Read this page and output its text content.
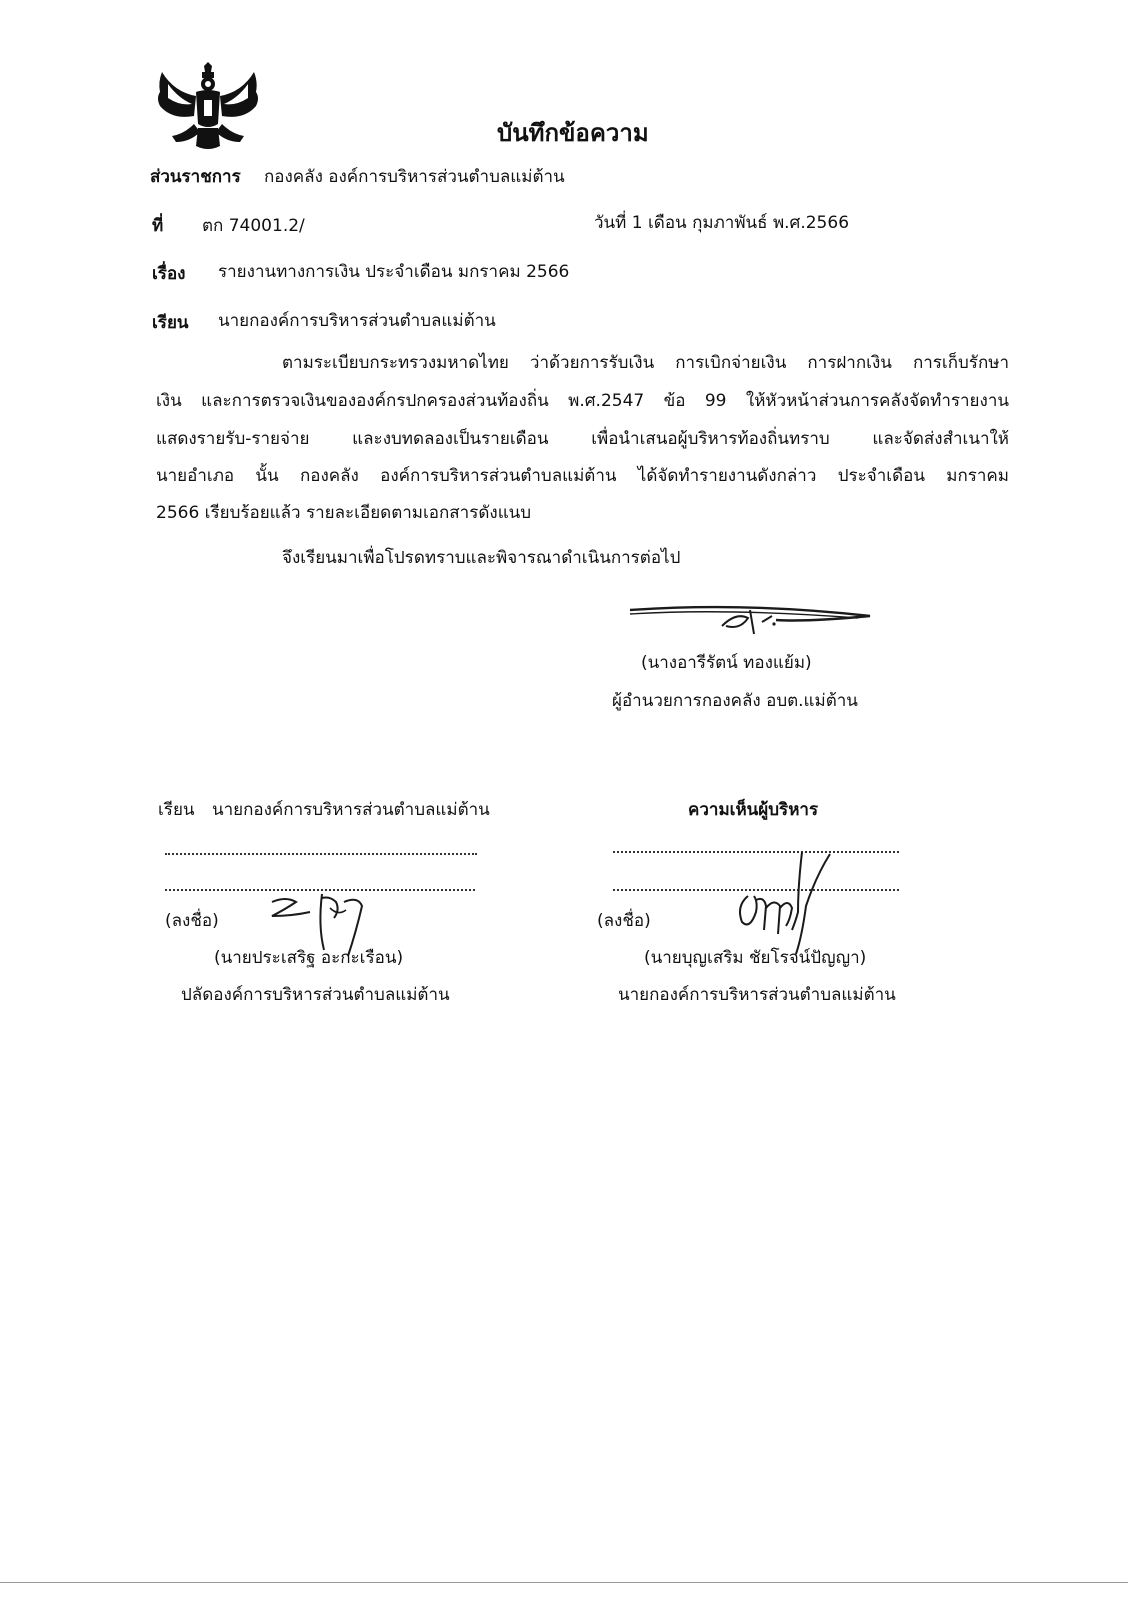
บันทึกข้อความ
ส่วนราชการ กองคลัง องค์การบริหารส่วนตำบลแม่ต้าน
ที่ ตก 74001.2/	วันที่ 1 เดือน กุมภาพันธ์ พ.ศ.2566
เรื่อง รายงานทางการเงิน ประจำเดือน มกราคม 2566
เรียน นายกองค์การบริหารส่วนตำบลแม่ต้าน
ตามระเบียบกระทรวงมหาดไทย ว่าด้วยการรับเงิน การเบิกจ่ายเงิน การฝากเงิน การเก็บรักษา
เงิน และการตรวจเงินขององค์กรปกครองส่วนท้องถิ่น พ.ศ.2547 ข้อ 99 ให้หัวหน้าส่วนการคลังจัดทำรายงาน
แสดงรายรับ-รายจ่าย และงบทดลองเป็นรายเดือน เพื่อนำเสนอผู้บริหารท้องถิ่นทราบ และจัดส่งสำเนาให้
นายอำเภอ นั้น กองคลัง องค์การบริหารส่วนตำบลแม่ต้าน ได้จัดทำรายงานดังกล่าว ประจำเดือน มกราคม
2566 เรียบร้อยแล้ว รายละเอียดตามเอกสารดังแนบ
จึงเรียนมาเพื่อโปรดทราบและพิจารณาดำเนินการต่อไป
(นางอารีรัตน์ ทองแย้ม)
ผู้อำนวยการกองคลัง อบต.แม่ต้าน
เรียน นายกองค์การบริหารส่วนตำบลแม่ต้าน
(ลงชื่อ)
(นายประเสริฐ อะกะเรือน)
ปลัดองค์การบริหารส่วนตำบลแม่ต้าน
ความเห็นผู้บริหาร
(ลงชื่อ)
(นายบุญเสริม ชัยโรจน์ปัญญา)
นายกองค์การบริหารส่วนตำบลแม่ต้าน
